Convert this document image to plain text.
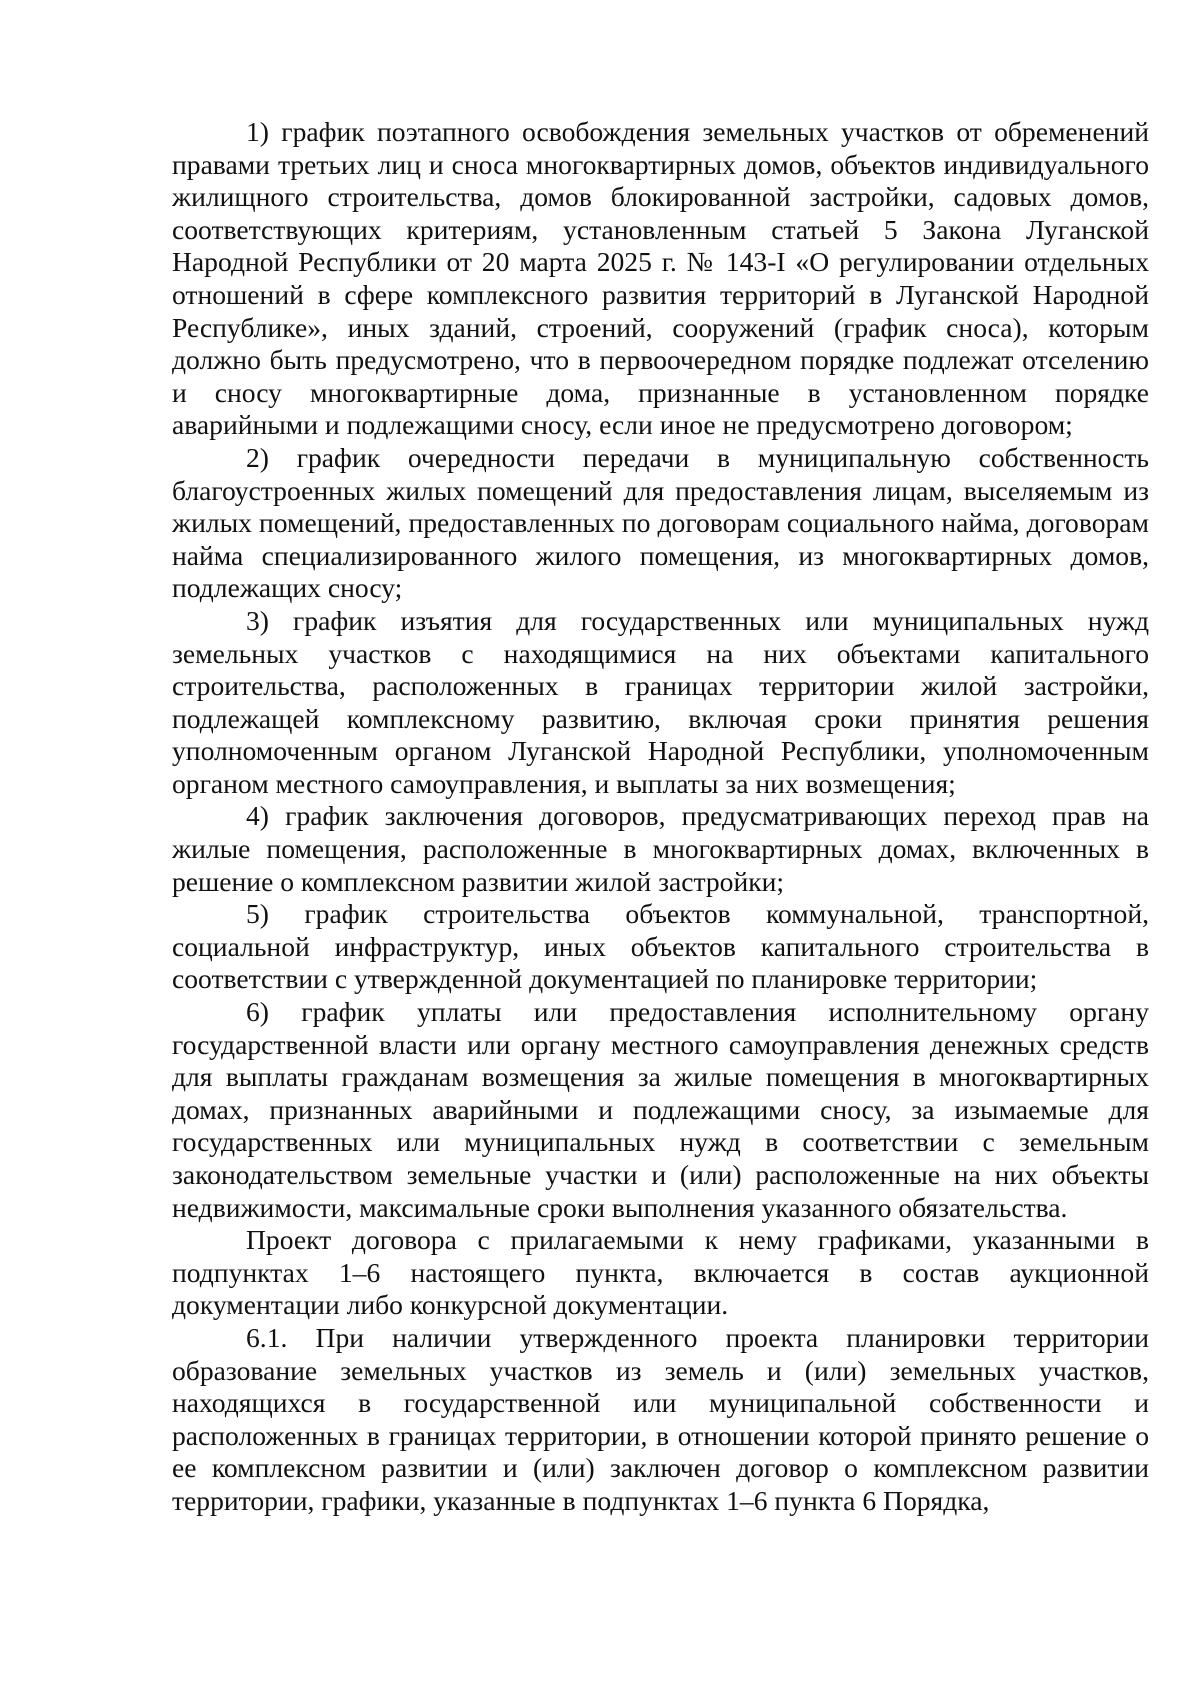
1) график поэтапного освобождения земельных участков от обременений правами третьих лиц и сноса многоквартирных домов, объектов индивидуального жилищного строительства, домов блокированной застройки, садовых домов, соответствующих критериям, установленным статьей 5 Закона Луганской Народной Республики от 20 марта 2025 г. № 143-I «О регулировании отдельных отношений в сфере комплексного развития территорий в Луганской Народной Республике», иных зданий, строений, сооружений (график сноса), которым должно быть предусмотрено, что в первоочередном порядке подлежат отселению и сносу многоквартирные дома, признанные в установленном порядке аварийными и подлежащими сносу, если иное не предусмотрено договором;

2) график очередности передачи в муниципальную собственность благоустроенных жилых помещений для предоставления лицам, выселяемым из жилых помещений, предоставленных по договорам социального найма, договорам найма специализированного жилого помещения, из многоквартирных домов, подлежащих сносу;

3) график изъятия для государственных или муниципальных нужд земельных участков с находящимися на них объектами капитального строительства, расположенных в границах территории жилой застройки, подлежащей комплексному развитию, включая сроки принятия решения уполномоченным органом Луганской Народной Республики, уполномоченным органом местного самоуправления, и выплаты за них возмещения;

4) график заключения договоров, предусматривающих переход прав на жилые помещения, расположенные в многоквартирных домах, включенных в решение о комплексном развитии жилой застройки;

5) график строительства объектов коммунальной, транспортной, социальной инфраструктур, иных объектов капитального строительства в соответствии с утвержденной документацией по планировке территории;

6) график уплаты или предоставления исполнительному органу государственной власти или органу местного самоуправления денежных средств для выплаты гражданам возмещения за жилые помещения в многоквартирных домах, признанных аварийными и подлежащими сносу, за изымаемые для государственных или муниципальных нужд в соответствии с земельным законодательством земельные участки и (или) расположенные на них объекты недвижимости, максимальные сроки выполнения указанного обязательства.

Проект договора с прилагаемыми к нему графиками, указанными в подпунктах 1–6 настоящего пункта, включается в состав аукционной документации либо конкурсной документации.

6.1. При наличии утвержденного проекта планировки территории образование земельных участков из земель и (или) земельных участков, находящихся в государственной или муниципальной собственности и расположенных в границах территории, в отношении которой принято решение о ее комплексном развитии и (или) заключен договор о комплексном развитии территории, графики, указанные в подпунктах 1–6 пункта 6 Порядка,
